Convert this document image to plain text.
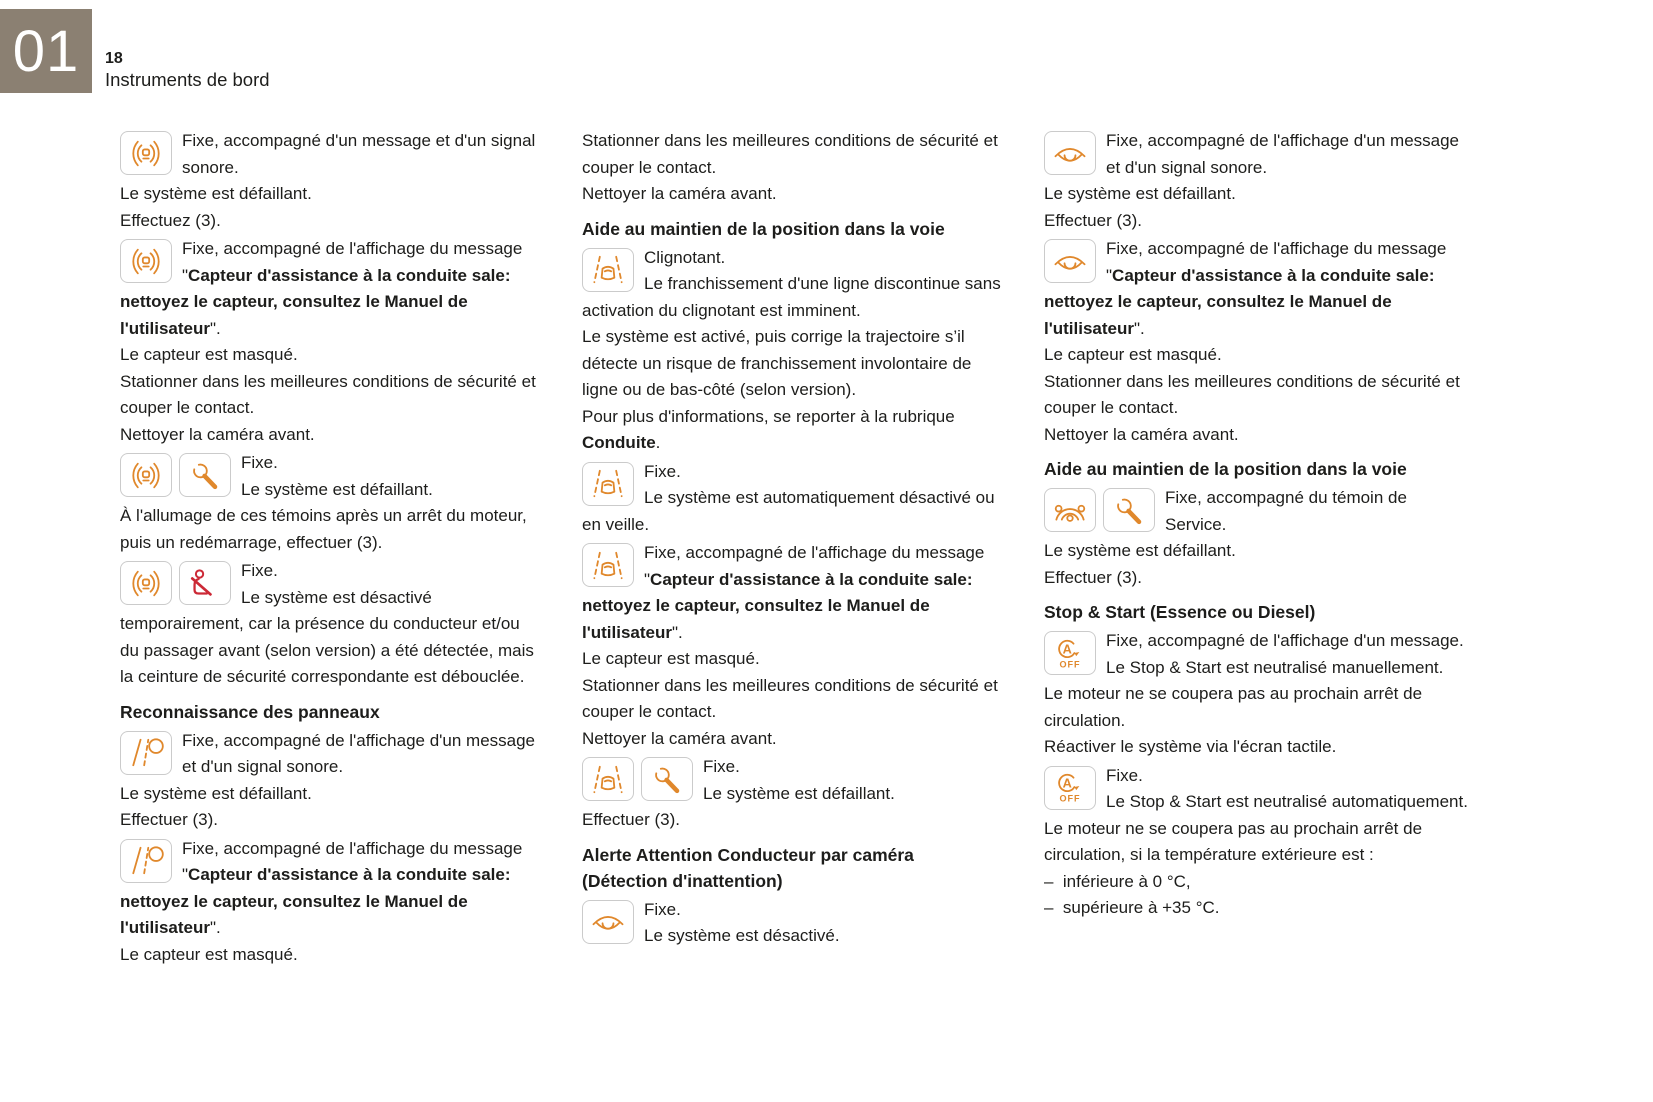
01 18
Instruments de bord

Fixe, accompagné d'un message et d'un signal sonore.

Le système est défaillant.

Effectuez (3).

Fixe, accompagné de l'affichage du message "Capteur d'assistance à la conduite sale: nettoyez le capteur, consultez le Manuel de l'utilisateur".

Le capteur est masqué.

Stationner dans les meilleures conditions de sécurité et couper le contact.

Nettoyer la caméra avant.

Fixe.

Le système est défaillant.

À l'allumage de ces témoins après un arrêt du moteur, puis un redémarrage, effectuer (3).

Fixe.

Le système est désactivé temporairement, car la présence du conducteur et/ou du passager avant (selon version) a été détectée, mais la ceinture de sécurité correspondante est débouclée.

Reconnaissance des panneaux

Fixe, accompagné de l'affichage d'un message et d'un signal sonore.

Le système est défaillant.

Effectuer (3).

Fixe, accompagné de l'affichage du message "Capteur d'assistance à la conduite sale: nettoyez le capteur, consultez le Manuel de l'utilisateur".

Le capteur est masqué.

Stationner dans les meilleures conditions de sécurité et couper le contact.

Nettoyer la caméra avant.

Aide au maintien de la position dans la voie

Clignotant.

Le franchissement d'une ligne discontinue sans activation du clignotant est imminent.

Le système est activé, puis corrige la trajectoire s’il détecte un risque de franchissement involontaire de ligne ou de bas-côté (selon version).

Pour plus d'informations, se reporter à la rubrique Conduite.

Fixe.

Le système est automatiquement désactivé ou en veille.

Fixe, accompagné de l'affichage du message "Capteur d'assistance à la conduite sale: nettoyez le capteur, consultez le Manuel de l'utilisateur".

Le capteur est masqué.

Stationner dans les meilleures conditions de sécurité et couper le contact.

Nettoyer la caméra avant.

Fixe.

Le système est défaillant.

Effectuer (3).

Alerte Attention Conducteur par caméra (Détection d'inattention)

Fixe.

Le système est désactivé.

Fixe, accompagné de l'affichage d'un message et d'un signal sonore.

Le système est défaillant.

Effectuer (3).

Fixe, accompagné de l'affichage du message "Capteur d'assistance à la conduite sale: nettoyez le capteur, consultez le Manuel de l'utilisateur".

Le capteur est masqué.

Stationner dans les meilleures conditions de sécurité et couper le contact.

Nettoyer la caméra avant.

Aide au maintien de la position dans la voie

Fixe, accompagné du témoin de Service.

Le système est défaillant.

Effectuer (3).

Stop & Start (Essence ou Diesel)
A
OFF

Fixe, accompagné de l'affichage d'un message.

Le Stop & Start est neutralisé manuellement.

Le moteur ne se coupera pas au prochain arrêt de circulation.

Réactiver le système via l'écran tactile.

A
OFF

Fixe.

Le Stop & Start est neutralisé automatiquement.

Le moteur ne se coupera pas au prochain arrêt de circulation, si la température extérieure est :

–  inférieure à 0 °C,

–  supérieure à +35 °C.
